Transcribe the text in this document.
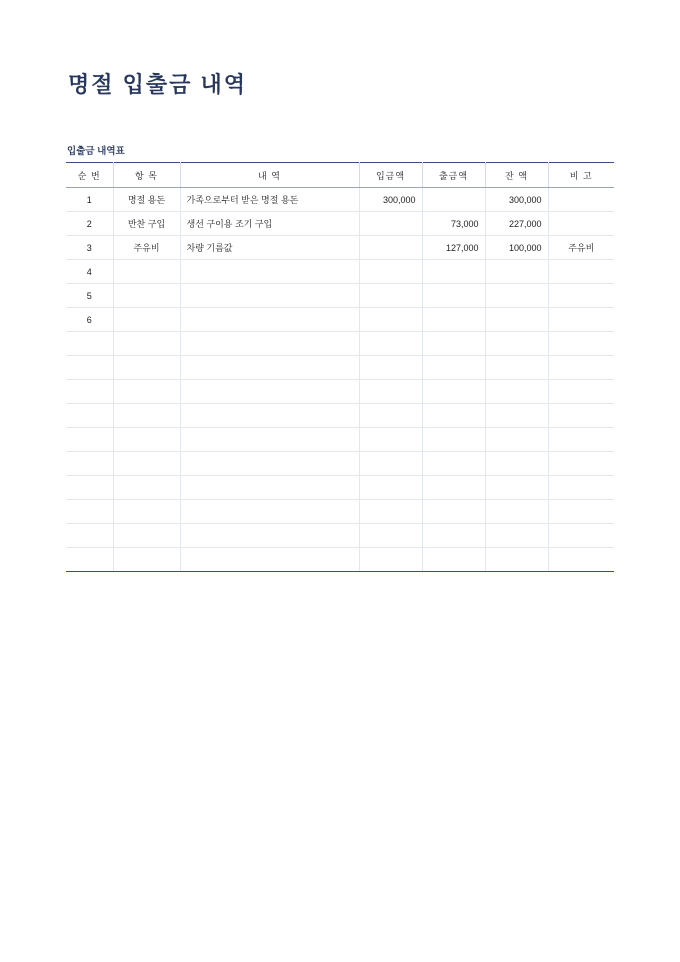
명절 입출금 내역
입출금 내역표
순 번	항 목	내 역	입금액	출금액	잔 액	비 고
1	명절 용돈	가족으로부터 받은 명절 용돈	300,000		300,000	
2	반찬 구입	생선 구이용 조기 구입		73,000	227,000	
3	주유비	차량 기름값		127,000	100,000	주유비
4						
5						
6						
